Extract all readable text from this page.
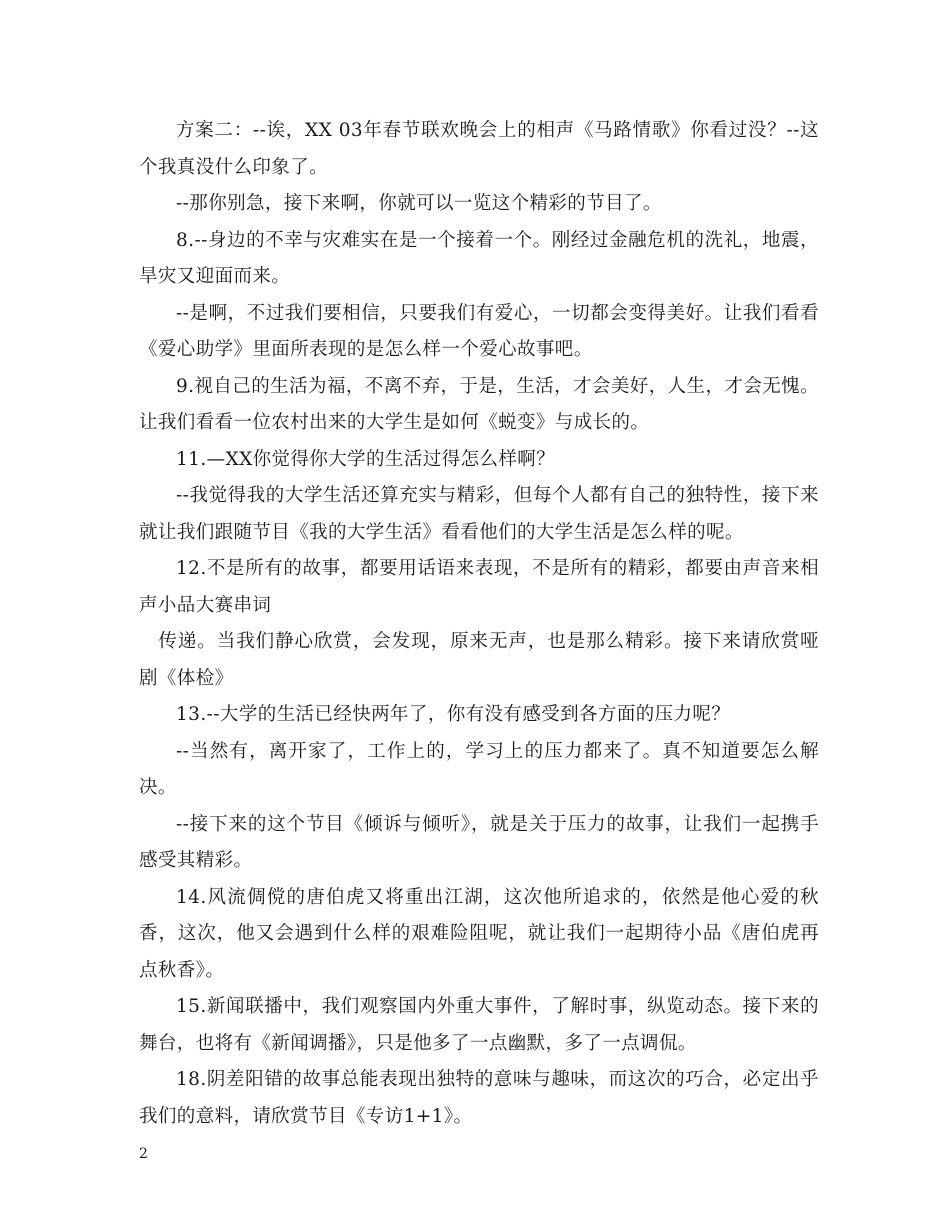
方案二：--诶，XX 03年春节联欢晚会上的相声《马路情歌》你看过没？--这个我真没什么印象了。

--那你别急，接下来啊，你就可以一览这个精彩的节目了。

8.--身边的不幸与灾难实在是一个接着一个。刚经过金融危机的洗礼，地震，旱灾又迎面而来。

--是啊，不过我们要相信，只要我们有爱心，一切都会变得美好。让我们看看《爱心助学》里面所表现的是怎么样一个爱心故事吧。

9.视自己的生活为福，不离不弃，于是，生活，才会美好，人生，才会无愧。让我们看看一位农村出来的大学生是如何《蜕变》与成长的。

11.—XX你觉得你大学的生活过得怎么样啊？

--我觉得我的大学生活还算充实与精彩，但每个人都有自己的独特性，接下来就让我们跟随节目《我的大学生活》看看他们的大学生活是怎么样的呢。

12.不是所有的故事，都要用话语来表现，不是所有的精彩，都要由声音来相声小品大赛串词

传递。当我们静心欣赏，会发现，原来无声，也是那么精彩。接下来请欣赏哑剧《体检》

13.--大学的生活已经快两年了，你有没有感受到各方面的压力呢？

--当然有，离开家了，工作上的，学习上的压力都来了。真不知道要怎么解决。

--接下来的这个节目《倾诉与倾听》，就是关于压力的故事，让我们一起携手感受其精彩。

14.风流倜傥的唐伯虎又将重出江湖，这次他所追求的，依然是他心爱的秋香，这次，他又会遇到什么样的艰难险阻呢，就让我们一起期待小品《唐伯虎再点秋香》。

15.新闻联播中，我们观察国内外重大事件，了解时事，纵览动态。接下来的舞台，也将有《新闻调播》，只是他多了一点幽默，多了一点调侃。

18.阴差阳错的故事总能表现出独特的意味与趣味，而这次的巧合，必定出乎我们的意料，请欣赏节目《专访1+1》。

2
